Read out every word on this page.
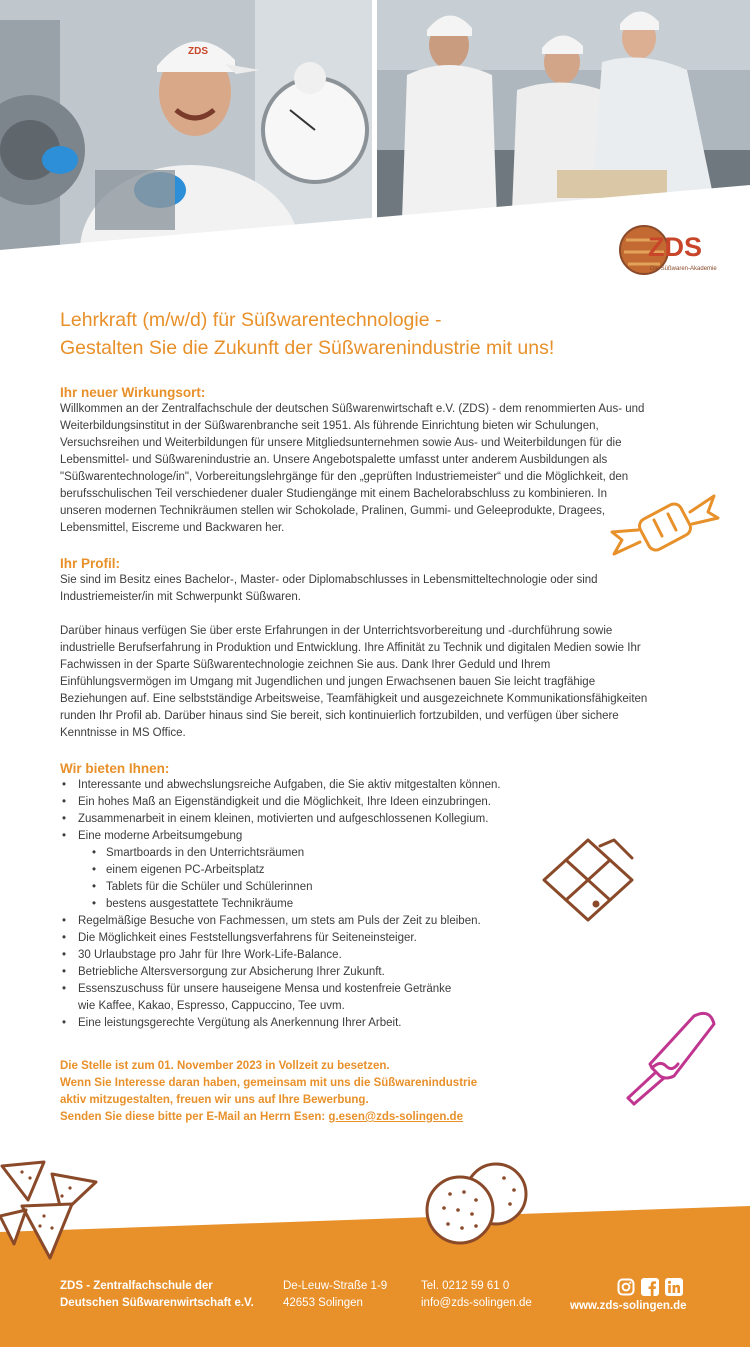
ZDS
ZDS
Die Süßwaren-Akademie
Lehrkraft (m/w/d) für Süßwarentechnologie -
Gestalten Sie die Zukunft der Süßwarenindustrie mit uns!
Ihr neuer Wirkungsort:

Willkommen an der Zentralfachschule der deutschen Süßwarenwirtschaft e.V. (ZDS) - dem renommierten Aus- und Weiterbildungsinstitut in der Süßwarenbranche seit 1951. Als führende Einrichtung bieten wir Schulungen, Versuchsreihen und Weiterbildungen für unsere Mitgliedsunternehmen sowie Aus- und Weiterbildungen für die Lebensmittel- und Süßwarenindustrie an. Unsere Angebotspalette umfasst unter anderem Ausbildungen als "Süßwarentechnologe/in", Vorbereitungslehrgänge für den „geprüften Industriemeister“ und die Möglichkeit, den berufsschulischen Teil verschiedener dualer Studiengänge mit einem Bachelorabschluss zu kombinieren. In unseren modernen Technikräumen stellen wir Schokolade, Pralinen, Gummi- und Geleeprodukte, Dragees, Lebensmittel, Eiscreme und Backwaren her.

Ihr Profil:

Sie sind im Besitz eines Bachelor-, Master- oder Diplomabschlusses in Lebensmitteltechnologie oder sind Industriemeister/in mit Schwerpunkt Süßwaren.

Darüber hinaus verfügen Sie über erste Erfahrungen in der Unterrichtsvorbereitung und -durchführung sowie industrielle Berufserfahrung in Produktion und Entwicklung. Ihre Affinität zu Technik und digitalen Medien sowie Ihr Fachwissen in der Sparte Süßwarentechnologie zeichnen Sie aus. Dank Ihrer Geduld und Ihrem Einfühlungsvermögen im Umgang mit Jugendlichen und jungen Erwachsenen bauen Sie leicht tragfähige Beziehungen auf. Eine selbstständige Arbeitsweise, Teamfähigkeit und ausgezeichnete Kommunikationsfähigkeiten runden Ihr Profil ab. Darüber hinaus sind Sie bereit, sich kontinuierlich fortzubilden, und verfügen über sichere Kenntnisse in MS Office.

Wir bieten Ihnen:
• Interessante und abwechslungsreiche Aufgaben, die Sie aktiv mitgestalten können.
• Ein hohes Maß an Eigenständigkeit und die Möglichkeit, Ihre Ideen einzubringen.
• Zusammenarbeit in einem kleinen, motivierten und aufgeschlossenen Kollegium.
• Eine moderne Arbeitsumgebung
• Smartboards in den Unterrichtsräumen
• einem eigenen PC-Arbeitsplatz
• Tablets für die Schüler und Schülerinnen
• bestens ausgestattete Technikräume
• Regelmäßige Besuche von Fachmessen, um stets am Puls der Zeit zu bleiben.
• Die Möglichkeit eines Feststellungsverfahrens für Seiteneinsteiger.
• 30 Urlaubstage pro Jahr für Ihre Work-Life-Balance.
• Betriebliche Altersversorgung zur Absicherung Ihrer Zukunft.
• Essenszuschuss für unsere hauseigene Mensa und kostenfreie Getränke
wie Kaffee, Kakao, Espresso, Cappuccino, Tee uvm.
• Eine leistungsgerechte Vergütung als Anerkennung Ihrer Arbeit.
Die Stelle ist zum 01. November 2023 in Vollzeit zu besetzen.
Wenn Sie Interesse daran haben, gemeinsam mit uns die Süßwarenindustrie
aktiv mitzugestalten, freuen wir uns auf Ihre Bewerbung.
Senden Sie diese bitte per E-Mail an Herrn Esen: g.esen@zds-solingen.de
ZDS - Zentralfachschule der
Deutschen Süßwarenwirtschaft e.V.
De-Leuw-Straße 1-9
42653 Solingen
Tel. 0212 59 61 0
info@zds-solingen.de	www.zds-solingen.de
